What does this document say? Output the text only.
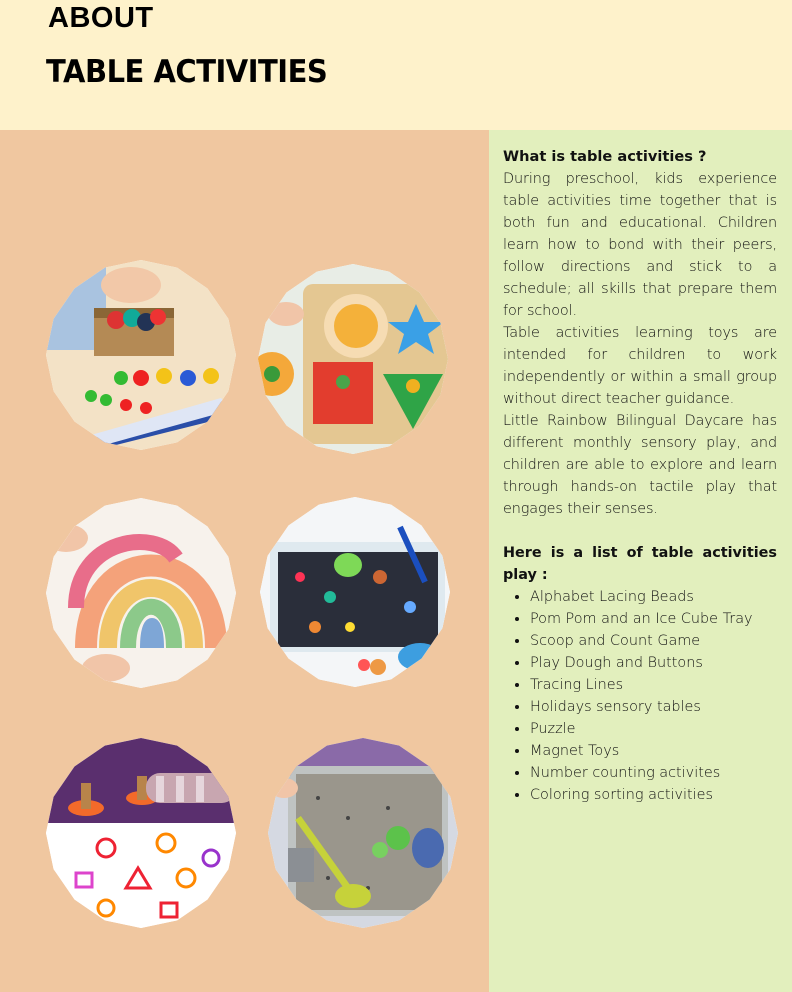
ABOUT
TABLE ACTIVITIES
What is table activities ?
During preschool, kids experience table activities time together that is both fun and educational. Children learn how to bond with their peers, follow directions and stick to a schedule; all skills that prepare them for school.
Table activities learning toys are intended for children to work independently or within a small group without direct teacher guidance.
Little Rainbow Bilingual Daycare has different monthly sensory play, and children are able to explore and learn through hands-on tactile play that engages their senses.
Here is a list of table activities play :
• Alphabet Lacing Beads
• Pom Pom and an Ice Cube Tray
• Scoop and Count Game
• Play Dough and Buttons
• Tracing Lines
• Holidays sensory tables
• Puzzle
• Magnet Toys
• Number counting activites
• Coloring sorting activities
